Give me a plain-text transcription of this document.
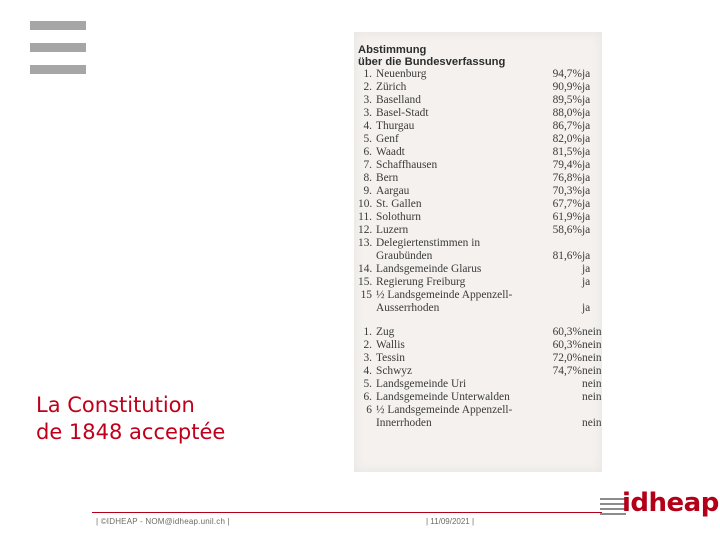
Abstimmung
über die Bundesverfassung
1. Neuenburg	94,7% ja
2. Zürich	90,9% ja
3. Baselland	89,5% ja
3. Basel-Stadt	88,0% ja
4. Thurgau	86,7% ja
5. Genf	82,0% ja
6. Waadt	81,5% ja
7. Schaffhausen	79,4% ja
8. Bern	76,8% ja
9. Aargau	70,3% ja
10. St. Gallen	67,7% ja
11. Solothurn	61,9% ja
12. Luzern	58,6% ja
13. Delegiertenstimmen in
Graubünden	81,6% ja
14. Landsgemeinde Glarus	ja
15. Regierung Freiburg	ja
15 ½ Landsgemeinde Appenzell-
Ausserrhoden	ja
1. Zug	60,3% nein
2. Wallis	60,3% nein
3. Tessin	72,0% nein
4. Schwyz	74,7% nein
5. Landsgemeinde Uri	nein
6. Landsgemeinde Unterwalden	nein
6 ½ Landsgemeinde Appenzell-
Innerrhoden	nein
La Constitution
de 1848 acceptée
| ©IDHEAP - NOM@idheap.unil.ch |	| 11/09/2021 |
idheap
